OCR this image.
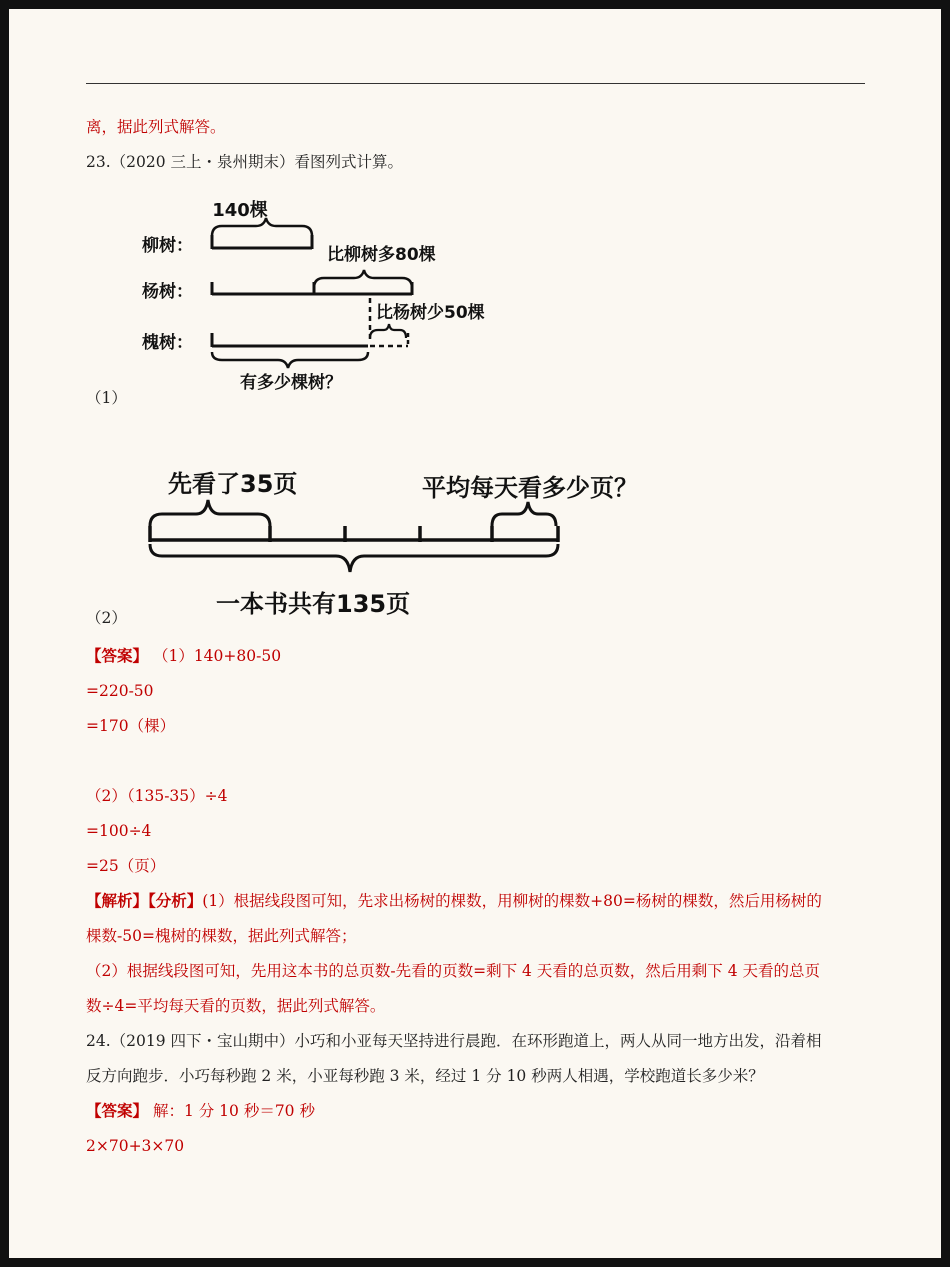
离，据此列式解答。
23.（2020 三上・泉州期末）看图列式计算。
140棵
柳树：	比柳树多80棵
杨树：
比杨树少50棵
槐树：
有多少棵树？
（1）
先看了35页	平均每天看多少页？
一本书共有135页
（2）
【答案】 （1）140+80-50
=220-50
=170（棵）
（2）（135-35）÷4
=100÷4
=25（页）
【解析】【分析】(1）根据线段图可知，先求出杨树的棵数，用柳树的棵数+80=杨树的棵数，然后用杨树的
棵数-50=槐树的棵数，据此列式解答；
（2）根据线段图可知，先用这本书的总页数-先看的页数=剩下 4 天看的总页数，然后用剩下 4 天看的总页
数÷4=平均每天看的页数，据此列式解答。
24.（2019 四下・宝山期中）小巧和小亚每天坚持进行晨跑．在环形跑道上，两人从同一地方出发，沿着相
反方向跑步．小巧每秒跑 2 米，小亚每秒跑 3 米，经过 1 分 10 秒两人相遇，学校跑道长多少米？
【答案】 解：1 分 10 秒＝70 秒
2×70+3×70
